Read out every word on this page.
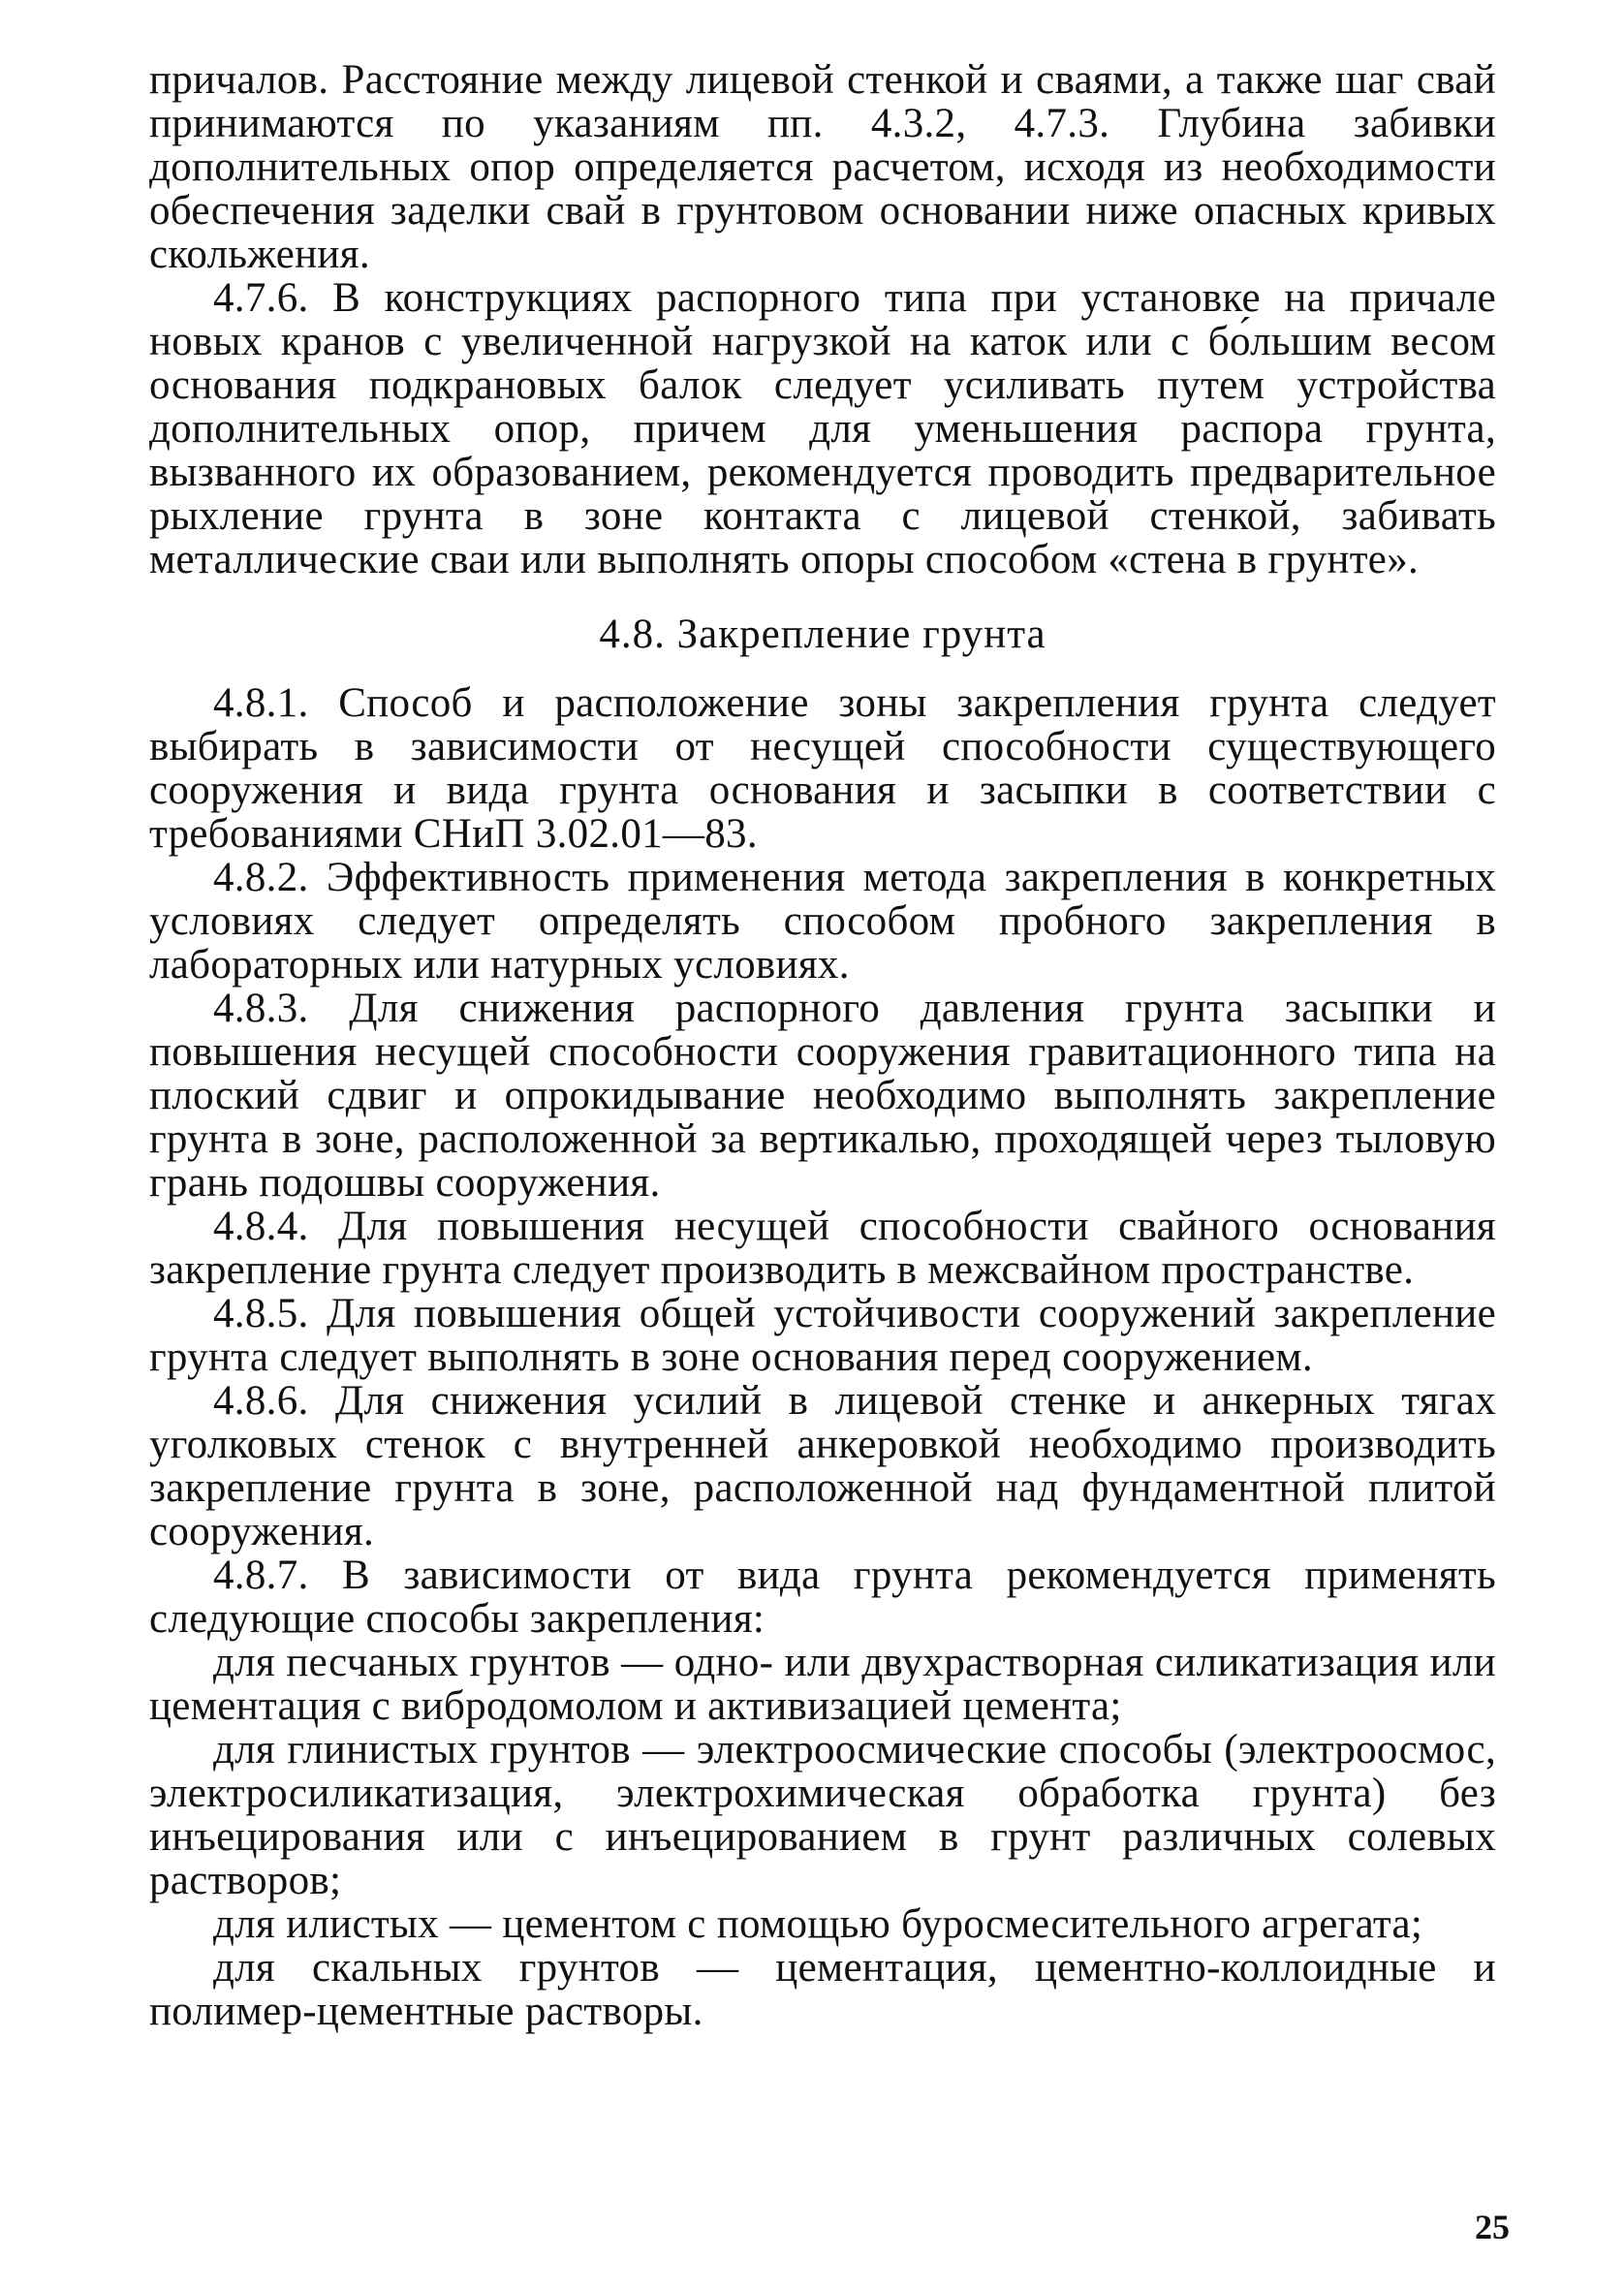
причалов. Расстояние между лицевой стенкой и сваями, а также шаг свай принимаются по указаниям пп. 4.3.2, 4.7.3. Глубина забивки дополнительных опор определяется расчетом, исходя из необходимости обеспечения заделки свай в грунтовом основании ниже опасных кривых скольжения.

4.7.6. В конструкциях распорного типа при установке на причале новых кранов с увеличенной нагрузкой на каток или с бо́льшим весом основания подкрановых балок следует усиливать путем устройства дополнительных опор, причем для уменьшения распора грунта, вызванного их образованием, рекомендуется проводить предварительное рыхление грунта в зоне контакта с лицевой стенкой, забивать металлические сваи или выполнять опоры способом «стена в грунте».

4.8. Закрепление грунта

4.8.1. Способ и расположение зоны закрепления грунта следует выбирать в зависимости от несущей способности существующего сооружения и вида грунта основания и засыпки в соответствии с требованиями СНиП 3.02.01—83.

4.8.2. Эффективность применения метода закрепления в конкретных условиях следует определять способом пробного закрепления в лабораторных или натурных условиях.

4.8.3. Для снижения распорного давления грунта засыпки и повышения несущей способности сооружения гравитационного типа на плоский сдвиг и опрокидывание необходимо выполнять закрепление грунта в зоне, расположенной за вертикалью, проходящей через тыловую грань подошвы сооружения.

4.8.4. Для повышения несущей способности свайного основания закрепление грунта следует производить в межсвайном пространстве.

4.8.5. Для повышения общей устойчивости сооружений закрепление грунта следует выполнять в зоне основания перед сооружением.

4.8.6. Для снижения усилий в лицевой стенке и анкерных тягах уголковых стенок с внутренней анкеровкой необходимо производить закрепление грунта в зоне, расположенной над фундаментной плитой сооружения.

4.8.7. В зависимости от вида грунта рекомендуется применять следующие способы закрепления:

для песчаных грунтов — одно- или двухрастворная силикатизация или цементация с вибродомолом и активизацией цемента;

для глинистых грунтов — электроосмические способы (электроосмос, электросиликатизация, электрохимическая обработка грунта) без инъецирования или с инъецированием в грунт различных солевых растворов;

для илистых — цементом с помощью буросмесительного агрегата;

для скальных грунтов — цементация, цементно-коллоидные и полимер-цементные растворы.

25
